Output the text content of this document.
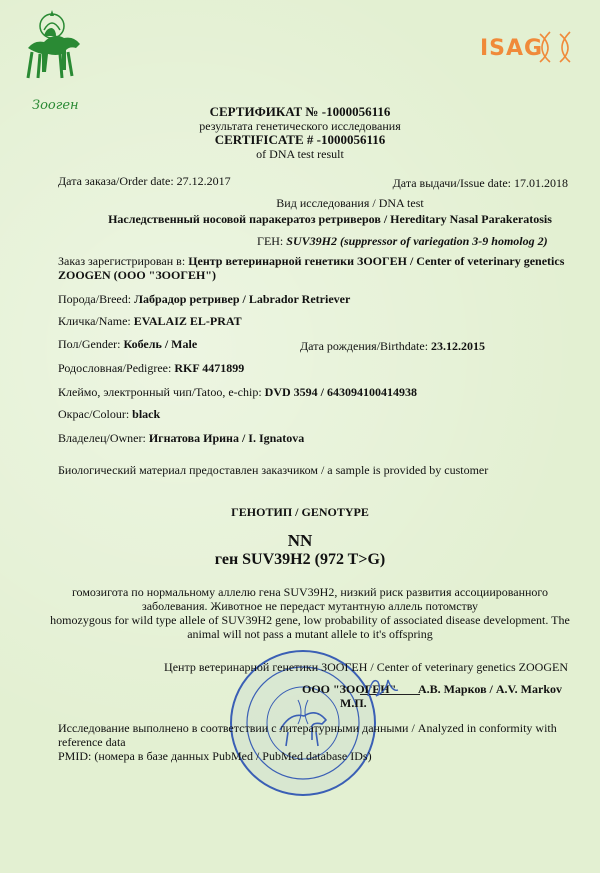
Зооген
ISAG
СЕРТИФИКАТ № -1000056116
результата генетического исследования
CERTIFICATE # -1000056116
of DNA test result
Дата заказа/Order date: 27.12.2017	Дата выдачи/Issue date: 17.01.2018
Вид исследования / DNA test
Наследственный носовой паракератоз ретриверов / Hereditary Nasal Parakeratosis
ГЕН: SUV39H2 (suppressor of variegation 3-9 homolog 2)
Заказ зарегистрирован в: Центр ветеринарной генетики ЗООГЕН / Center of veterinary genetics
ZOOGEN (ООО "ЗООГЕН")
Порода/Breed: Лабрадор ретривер / Labrador Retriever
Кличка/Name: EVALAIZ EL-PRAT
Пол/Gender: Кобель / Male	Дата рождения/Birthdate: 23.12.2015
Родословная/Pedigree: RKF 4471899
Клеймо, электронный чип/Tatoo, e-chip: DVD 3594 / 643094100414938
Окрас/Colour: black
Владелец/Owner: Игнатова Ирина / I. Ignatova
Биологический материал предоставлен заказчиком / a sample is provided by customer
ГЕНОТИП / GENOTYPE
NN
ген SUV39H2 (972 T>G)
гомозигота по нормальному аллелю гена SUV39H2, низкий риск развития ассоциированного
заболевания. Животное не передаст мутантную аллель потомству
homozygous for wild type allele of SUV39H2 gene, low probability of associated disease development. The
animal will not pass a mutant allele to it's offspring
Центр ветеринарной генетики ЗООГЕН / Center of veterinary genetics ZOOGEN
ООО "ЗООГЕН" А.В. Марков / A.V. Markov
М.П.
Исследование выполнено в соответствии с литературными данными / Analyzed in conformity with
reference data
PMID: (номера в базе данных PubMed / PubMed database IDs)
